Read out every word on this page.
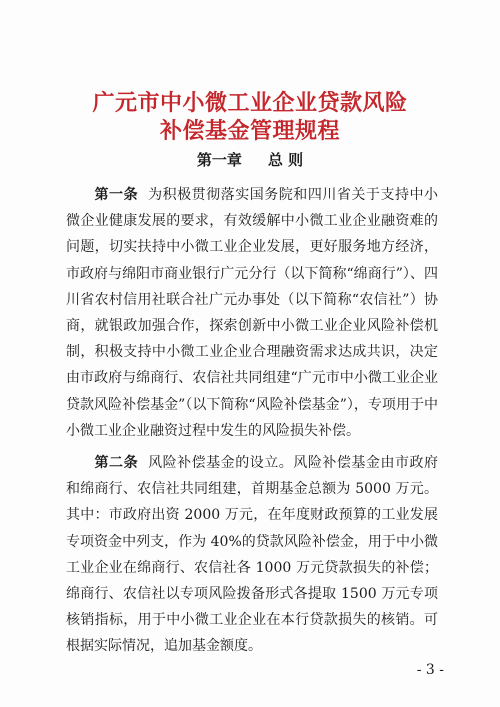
广元市中小微工业企业贷款风险
补偿基金管理规程
第一章 总 则

第一条 为积极贯彻落实国务院和四川省关于支持中小微企业健康发展的要求，有效缓解中小微工业企业融资难的问题，切实扶持中小微工业企业发展，更好服务地方经济，市政府与绵阳市商业银行广元分行（以下简称“绵商行”）、四川省农村信用社联合社广元办事处（以下简称“农信社”）协商，就银政加强合作，探索创新中小微工业企业风险补偿机制，积极支持中小微工业企业合理融资需求达成共识，决定由市政府与绵商行、农信社共同组建“广元市中小微工业企业贷款风险补偿基金”（以下简称“风险补偿基金”），专项用于中小微工业企业融资过程中发生的风险损失补偿。

第二条 风险补偿基金的设立。风险补偿基金由市政府和绵商行、农信社共同组建，首期基金总额为 5000 万元。其中：市政府出资 2000 万元，在年度财政预算的工业发展专项资金中列支，作为 40%的贷款风险补偿金，用于中小微工业企业在绵商行、农信社各 1000 万元贷款损失的补偿；绵商行、农信社以专项风险拨备形式各提取 1500 万元专项核销指标，用于中小微工业企业在本行贷款损失的核销。可根据实际情况，追加基金额度。

- 3 -
